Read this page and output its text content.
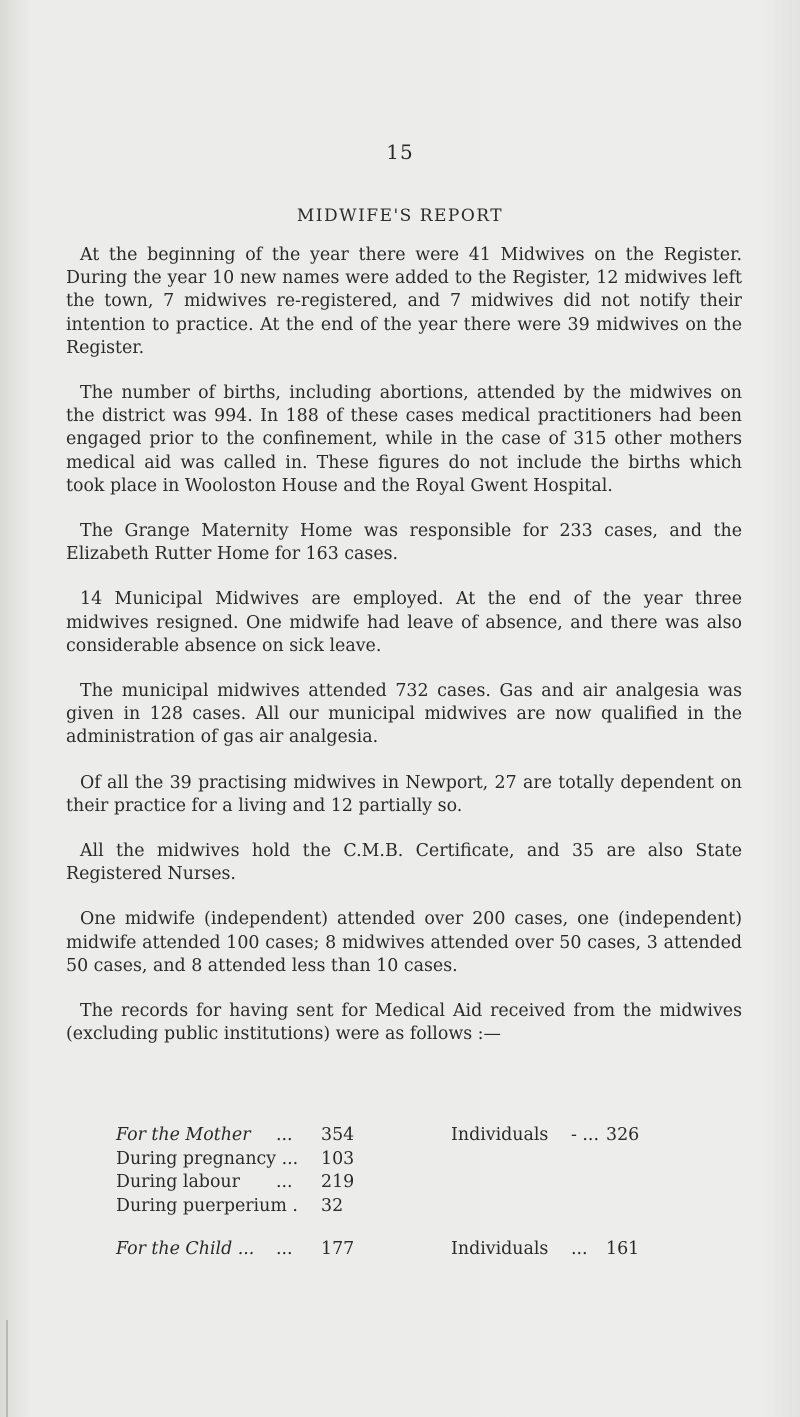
15
MIDWIFE'S REPORT

At the beginning of the year there were 41 Midwives on the Register. During the year 10 new names were added to the Register, 12 midwives left the town, 7 midwives re-registered, and 7 midwives did not notify their intention to practice. At the end of the year there were 39 midwives on the Register.

The number of births, including abortions, attended by the midwives on the district was 994. In 188 of these cases medical practitioners had been engaged prior to the confinement, while in the case of 315 other mothers medical aid was called in. These figures do not include the births which took place in Wooloston House and the Royal Gwent Hospital.

The Grange Maternity Home was responsible for 233 cases, and the Elizabeth Rutter Home for 163 cases.

14 Municipal Midwives are employed. At the end of the year three midwives resigned. One midwife had leave of absence, and there was also considerable absence on sick leave.

The municipal midwives attended 732 cases. Gas and air analgesia was given in 128 cases. All our municipal midwives are now qualified in the administration of gas air analgesia.

Of all the 39 practising midwives in Newport, 27 are totally dependent on their practice for a living and 12 partially so.

All the midwives hold the C.M.B. Certificate, and 35 are also State Registered Nurses.

One midwife (independent) attended over 200 cases, one (independent) midwife attended 100 cases; 8 midwives attended over 50 cases, 3 attended 50 cases, and 8 attended less than 10 cases.

The records for having sent for Medical Aid received from the midwives (excluding public institutions) were as follows :—

For the Mother ... 354	Individuals - ... 326
During pregnancy ... 103
During labour ... 219
During puerperium . 32
For the Child ... ... 177	Individuals ... 161
